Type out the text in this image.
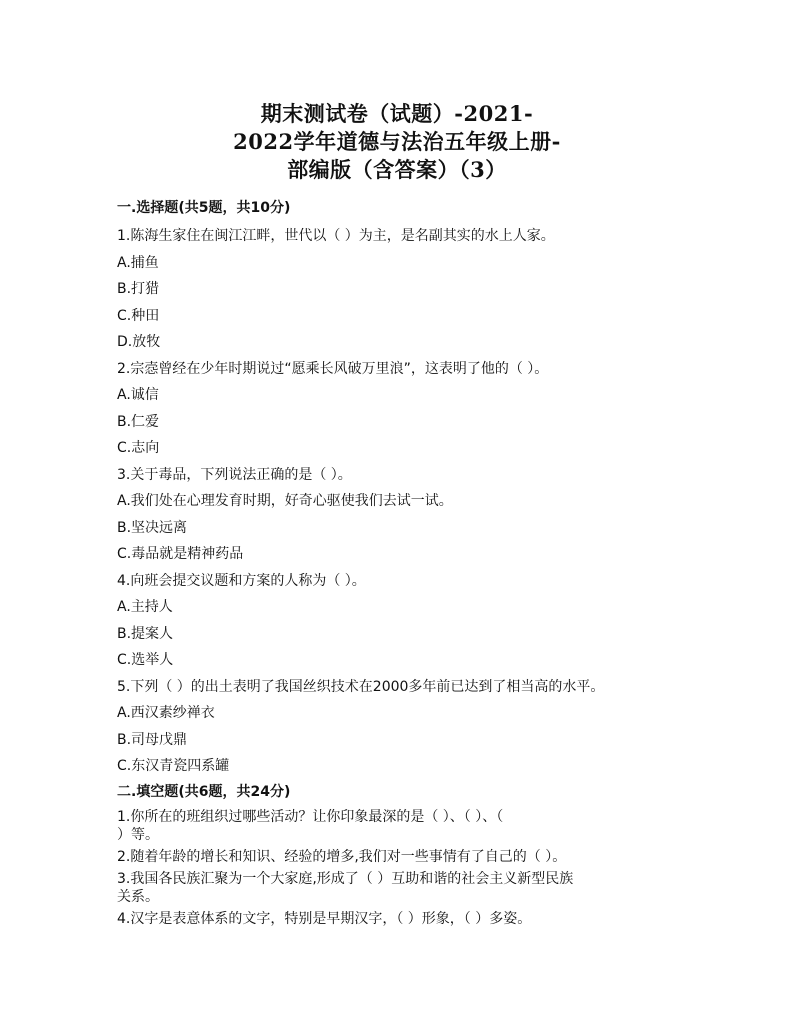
期末测试卷（试题）-2021-
2022学年道德与法治五年级上册-
部编版（含答案）（3）
一.选择题(共5题，共10分)
1.陈海生家住在闽江江畔，世代以（ ）为主，是名副其实的水上人家。
A.捕鱼
B.打猎
C.种田
D.放牧
2.宗悫曾经在少年时期说过“愿乘长风破万里浪”，这表明了他的（ ）。
A.诚信
B.仁爱
C.志向
3.关于毒品，下列说法正确的是（ ）。
A.我们处在心理发育时期，好奇心驱使我们去试一试。
B.坚决远离
C.毒品就是精神药品
4.向班会提交议题和方案的人称为（ ）。
A.主持人
B.提案人
C.选举人
5.下列（ ）的出土表明了我国丝织技术在2000多年前已达到了相当高的水平。
A.西汉素纱禅衣
B.司母戊鼎
C.东汉青瓷四系罐
二.填空题(共6题，共24分)
1.你所在的班组织过哪些活动？让你印象最深的是（ ）、（ ）、（
）等。
2.随着年龄的增长和知识、经验的增多,我们对一些事情有了自己的（ ）。
3.我国各民族汇聚为一个大家庭,形成了（ ）互助和谐的社会主义新型民族
关系。
4.汉字是表意体系的文字，特别是早期汉字，（ ）形象，（ ）多姿。
